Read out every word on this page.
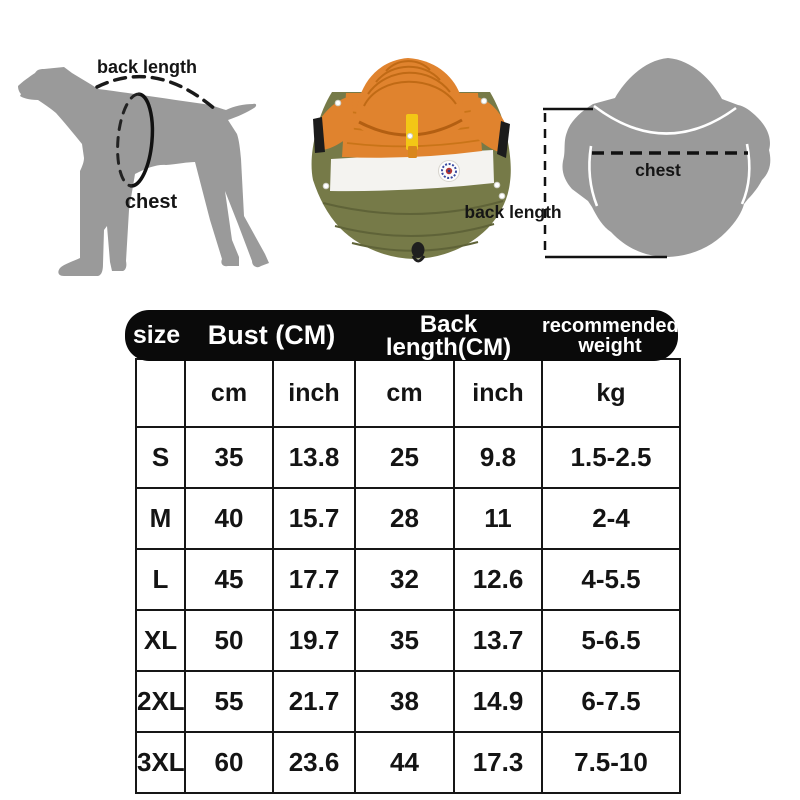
back length
chest
chest
back length
size	Bust (CM)	Back
length(CM)
recommended
weight
	cm	inch	cm	inch	kg
S	35	13.8	25	9.8	1.5-2.5
M	40	15.7	28	11	2-4
L	45	17.7	32	12.6	4-5.5
XL	50	19.7	35	13.7	5-6.5
2XL	55	21.7	38	14.9	6-7.5
3XL	60	23.6	44	17.3	7.5-10
